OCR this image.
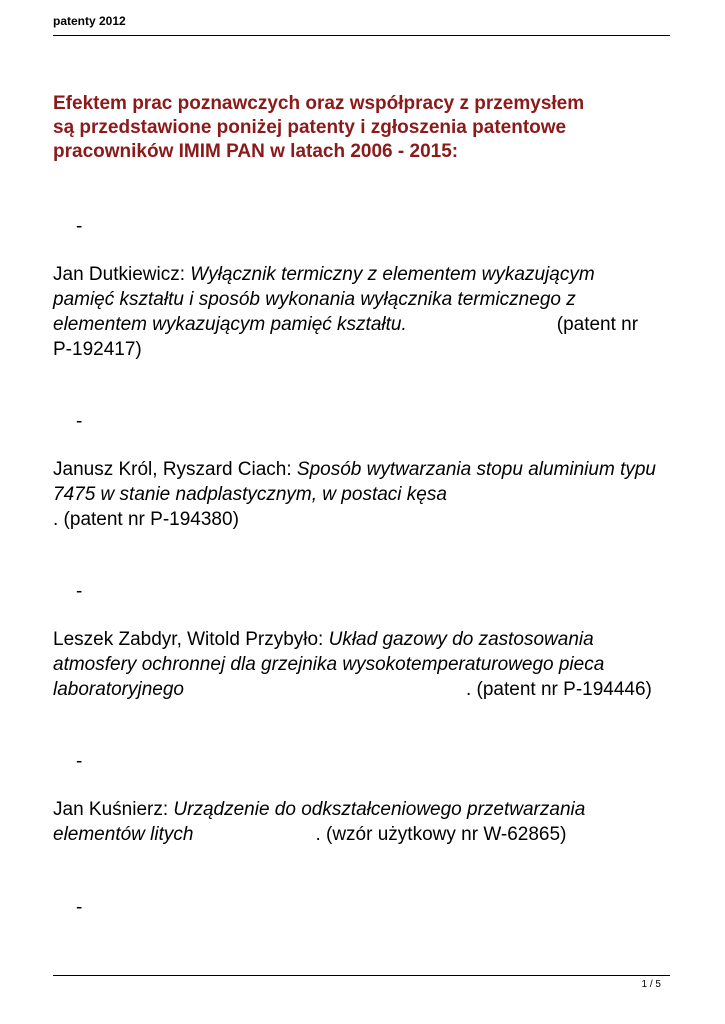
patenty 2012
Efektem prac poznawczych oraz współpracy z przemysłem
są przedstawione poniżej patenty i zgłoszenia patentowe
pracowników IMIM PAN w latach 2006 - 2015:
-
Jan Dutkiewicz: Wyłącznik termiczny z elementem wykazującym
pamięć kształtu i sposób wykonania wyłącznika termicznego z
elementem wykazującym pamięć kształtu.	(patent nr
P-192417)
-
Janusz Król, Ryszard Ciach: Sposób wytwarzania stopu aluminium typu
7475 w stanie nadplastycznym, w postaci kęsa
. (patent nr P-194380)
-
Leszek Zabdyr, Witold Przybyło: Układ gazowy do zastosowania
atmosfery ochronnej dla grzejnika wysokotemperaturowego pieca
laboratoryjnego	. (patent nr P-194446)
-
Jan Kuśnierz: Urządzenie do odkształceniowego przetwarzania
elementów litych	. (wzór użytkowy nr W-62865)
-
1 / 5
